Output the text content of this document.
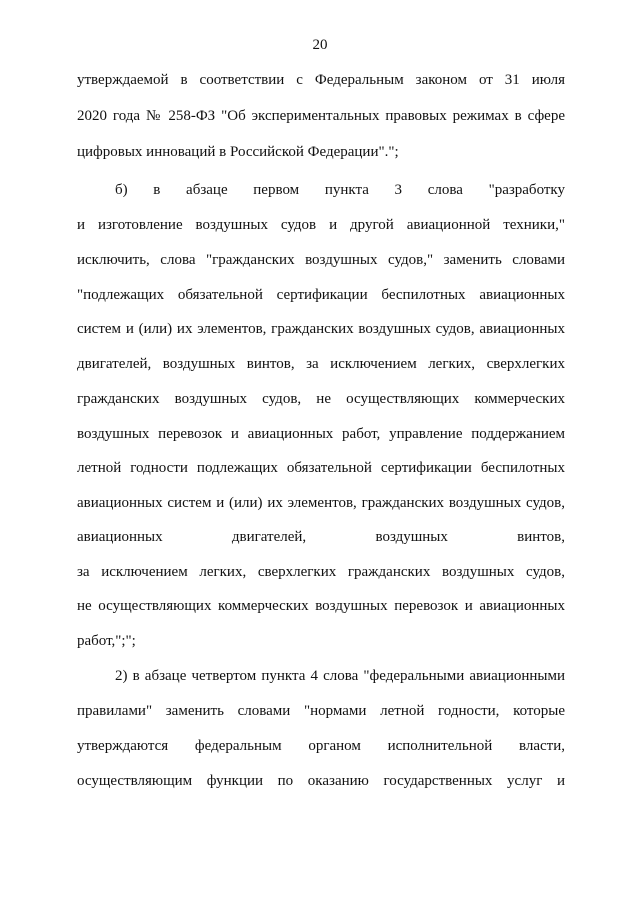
20
утверждаемой в соответствии с Федеральным законом от 31 июля
2020 года № 258-ФЗ "Об экспериментальных правовых режимах в сфере
цифровых инноваций в Российской Федерации".";
б) в абзаце первом пункта 3 слова "разработку
и изготовление воздушных судов и другой авиационной техники,"
исключить, слова "гражданских воздушных судов," заменить словами
"подлежащих обязательной сертификации беспилотных авиационных
систем и (или) их элементов, гражданских воздушных судов, авиационных
двигателей, воздушных винтов, за исключением легких, сверхлегких
гражданских воздушных судов, не осуществляющих коммерческих
воздушных перевозок и авиационных работ, управление поддержанием
летной годности подлежащих обязательной сертификации беспилотных
авиационных систем и (или) их элементов, гражданских воздушных судов,
авиационных двигателей, воздушных винтов,
за исключением легких, сверхлегких гражданских воздушных судов,
не осуществляющих коммерческих воздушных перевозок и авиационных
работ,";";
2) в абзаце четвертом пункта 4 слова "федеральными авиационными
правилами" заменить словами "нормами летной годности, которые
утверждаются федеральным органом исполнительной власти,
осуществляющим функции по оказанию государственных услуг и
